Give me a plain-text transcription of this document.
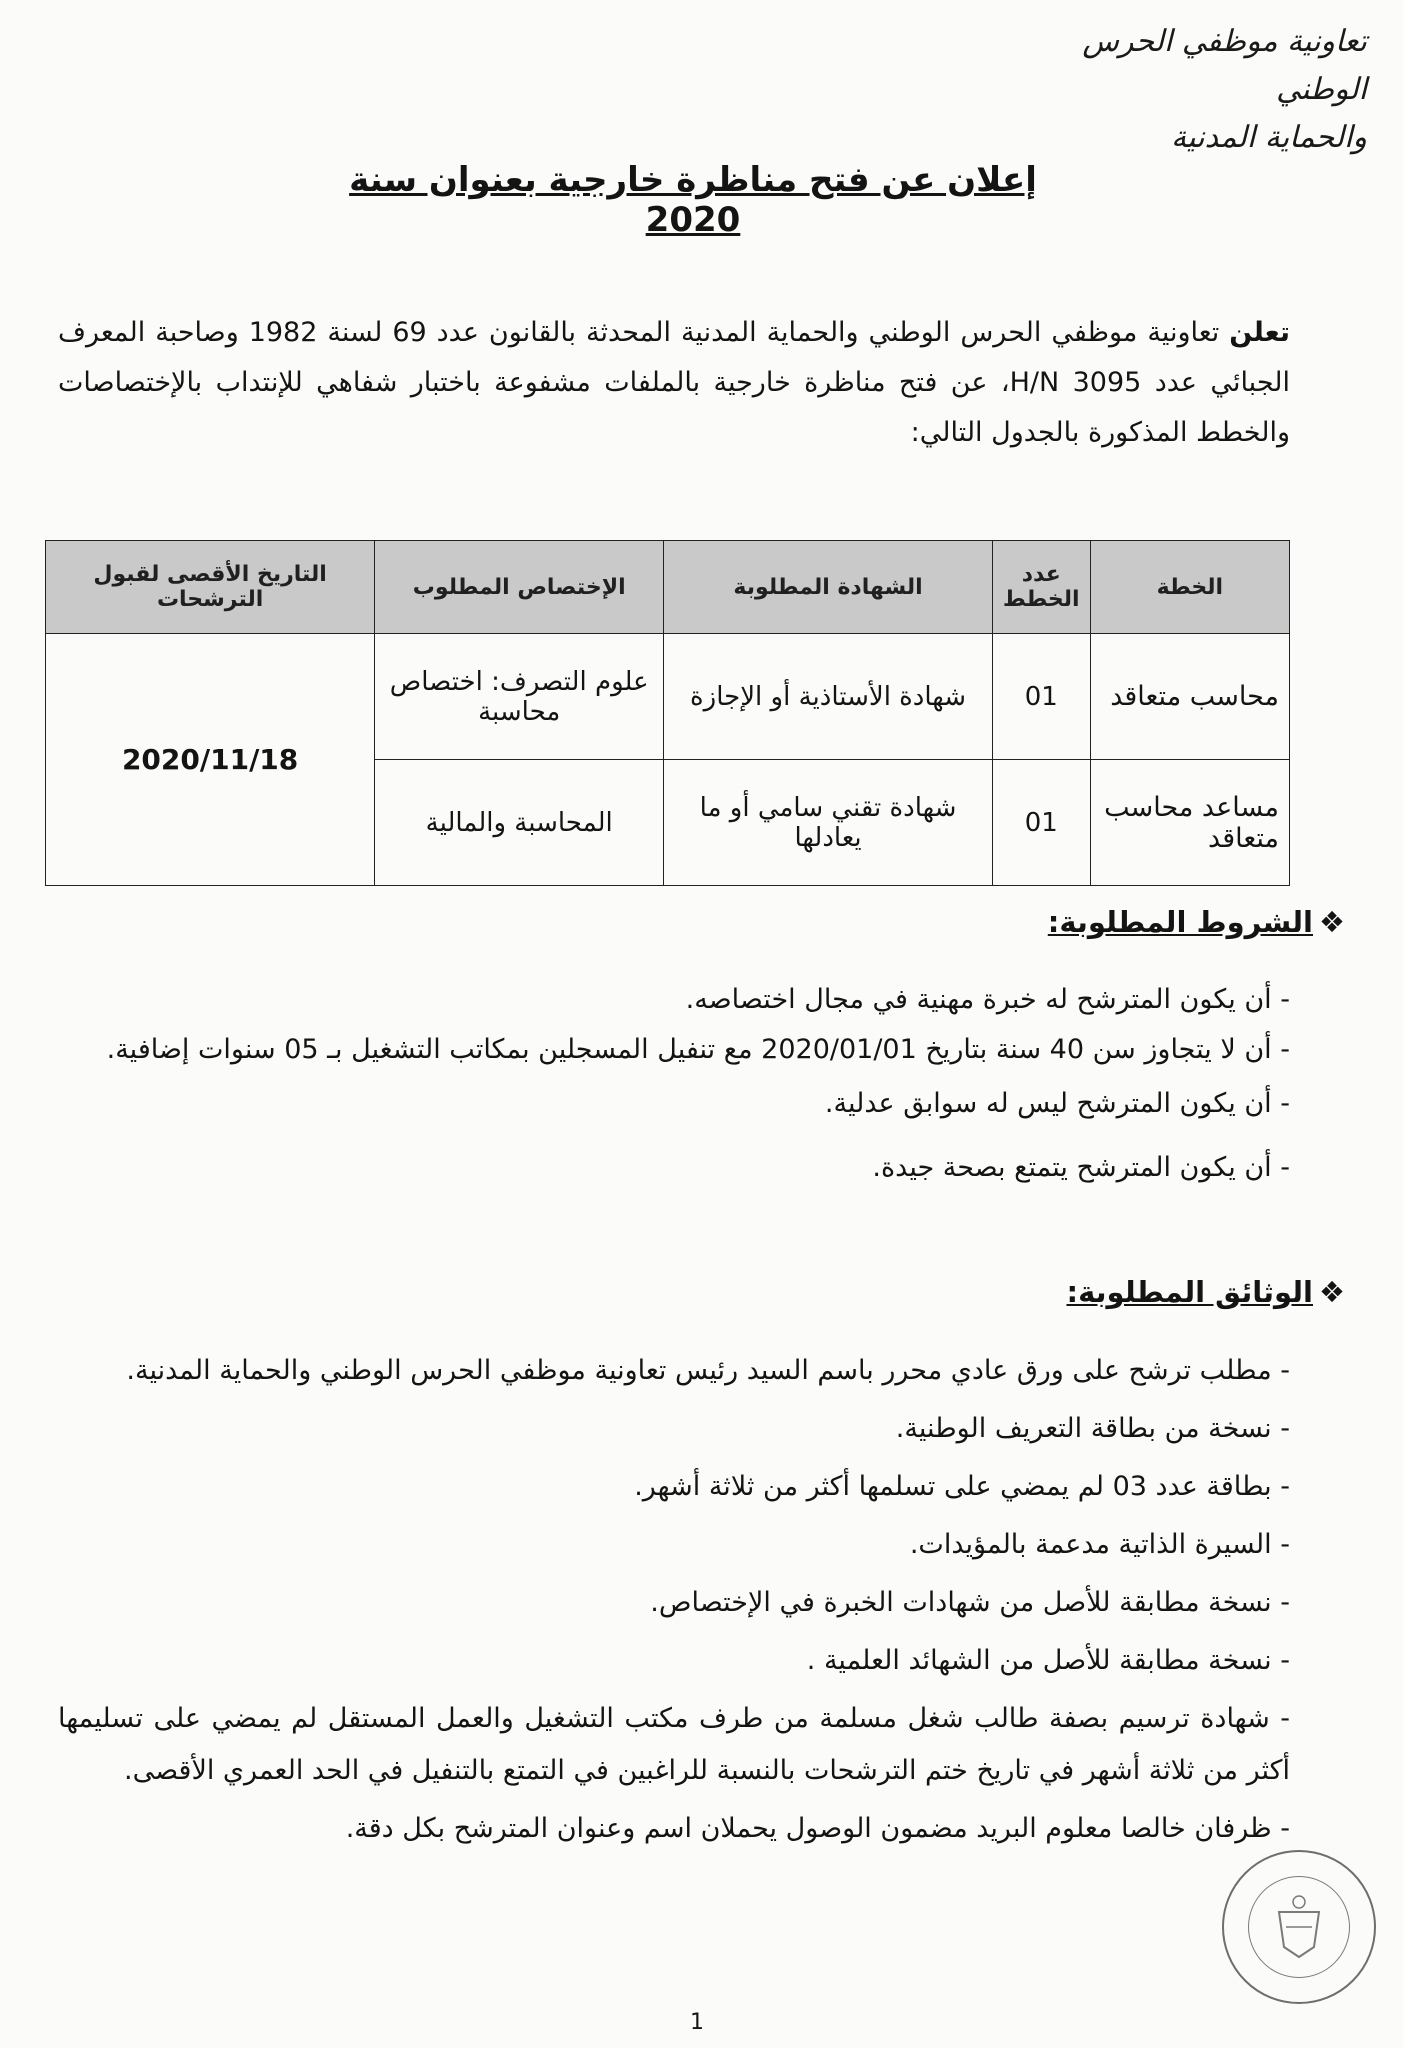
تعاونية موظفي الحرس الوطني
والحماية المدنية
إعلان عن فتح مناظرة خارجية بعنوان سنة 2020
تعلن تعاونية موظفي الحرس الوطني والحماية المدنية المحدثة بالقانون عدد 69 لسنة 1982 وصاحبة المعرف الجبائي عدد 3095 H/N، عن فتح مناظرة خارجية بالملفات مشفوعة باختبار شفاهي للإنتداب بالإختصاصات والخطط المذكورة بالجدول التالي:
الخطة	عدد الخطط	الشهادة المطلوبة	الإختصاص المطلوب	التاريخ الأقصى لقبول الترشحات
محاسب متعاقد	01	شهادة الأستاذية أو الإجازة	علوم التصرف: اختصاص محاسبة	2020/11/18
مساعد محاسب متعاقد	01	شهادة تقني سامي أو ما يعادلها	المحاسبة والمالية	
❖الشروط المطلوبة:

- أن يكون المترشح له خبرة مهنية في مجال اختصاصه.

- أن لا يتجاوز سن 40 سنة بتاريخ 2020/01/01 مع تنفيل المسجلين بمكاتب التشغيل بـ 05 سنوات إضافية.

- أن يكون المترشح ليس له سوابق عدلية.

- أن يكون المترشح يتمتع بصحة جيدة.

❖الوثائق المطلوبة:

- مطلب ترشح على ورق عادي محرر باسم السيد رئيس تعاونية موظفي الحرس الوطني والحماية المدنية.

- نسخة من بطاقة التعريف الوطنية.

- بطاقة عدد 03 لم يمضي على تسلمها أكثر من ثلاثة أشهر.

- السيرة الذاتية مدعمة بالمؤيدات.

- نسخة مطابقة للأصل من شهادات الخبرة في الإختصاص.

- نسخة مطابقة للأصل من الشهائد العلمية .

- شهادة ترسيم بصفة طالب شغل مسلمة من طرف مكتب التشغيل والعمل المستقل لم يمضي على تسليمها أكثر من ثلاثة أشهر في تاريخ ختم الترشحات بالنسبة للراغبين في التمتع بالتنفيل في الحد العمري الأقصى.

- ظرفان خالصا معلوم البريد مضمون الوصول يحملان اسم وعنوان المترشح بكل دقة.

1
